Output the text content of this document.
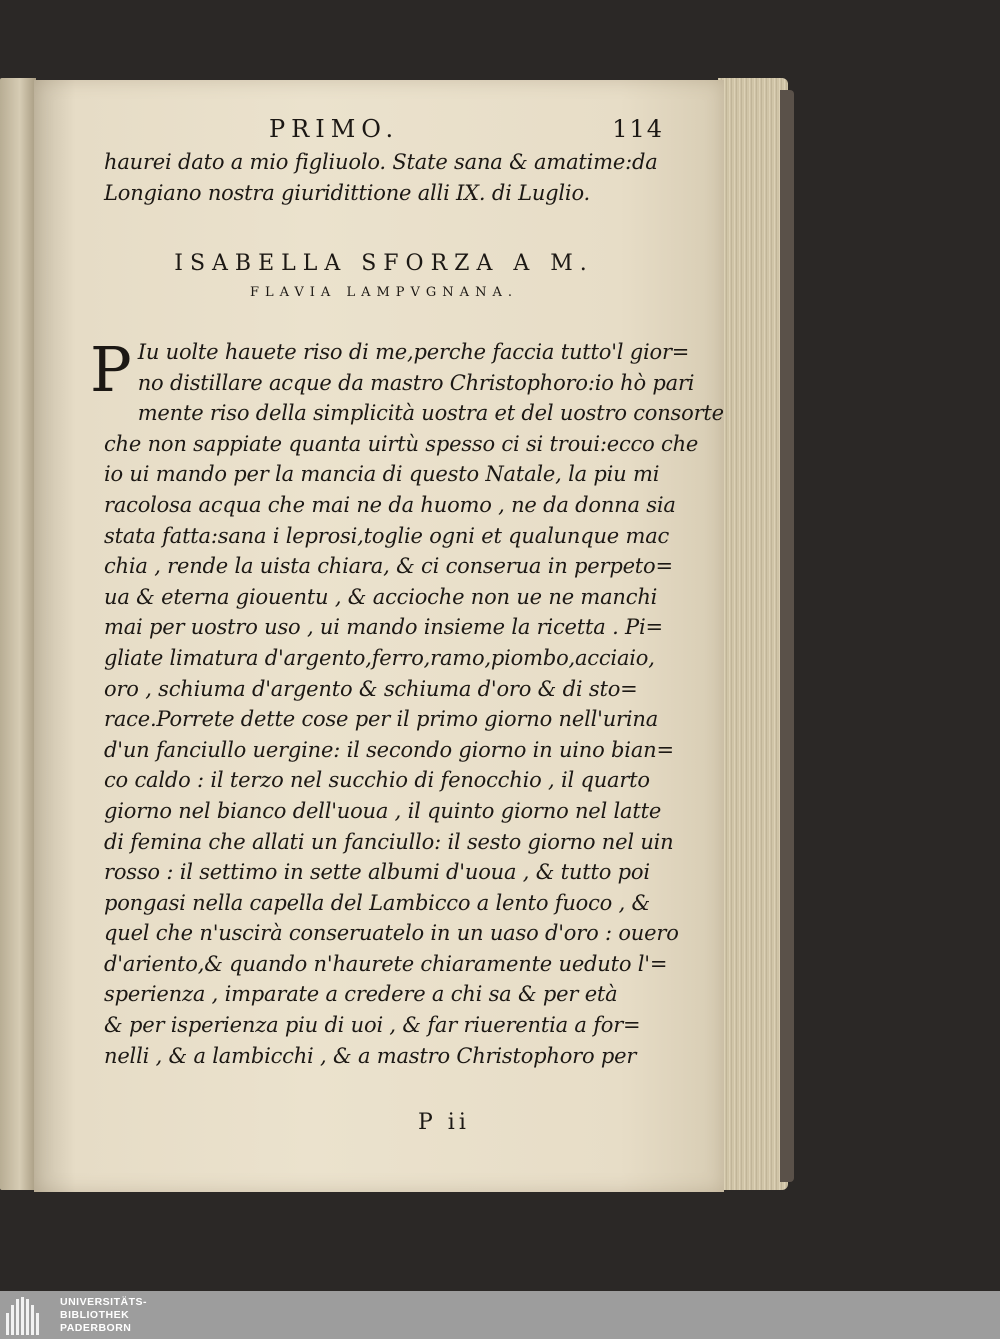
PRIMO.	114
haurei dato a mio figliuolo. State sana & amatime:da
Longiano nostra giuridittione alli IX. di Luglio.
ISABELLA SFORZA A M.
FLAVIA LAMPVGNANA.
P Iu uolte hauete riso di me,perche faccia tutto'l gior=
no distillare acque da mastro Christophoro:io hò pari
mente riso della simplicità uostra et del uostro consorte
che non sappiate quanta uirtù spesso ci si troui:ecco che
io ui mando per la mancia di questo Natale, la piu mi
racolosa acqua che mai ne da huomo , ne da donna sia
stata fatta:sana i leprosi,toglie ogni et qualunque mac
chia , rende la uista chiara, & ci conserua in perpeto=
ua & eterna giouentu , & accioche non ue ne manchi
mai per uostro uso , ui mando insieme la ricetta . Pi=
gliate limatura d'argento,ferro,ramo,piombo,acciaio,
oro , schiuma d'argento & schiuma d'oro & di sto=
race.Porrete dette cose per il primo giorno nell'urina
d'un fanciullo uergine: il secondo giorno in uino bian=
co caldo : il terzo nel succhio di fenocchio , il quarto
giorno nel bianco dell'uoua , il quinto giorno nel latte
di femina che allati un fanciullo: il sesto giorno nel uin
rosso : il settimo in sette albumi d'uoua , & tutto poi
pongasi nella capella del Lambicco a lento fuoco , &
quel che n'uscirà conseruatelo in un uaso d'oro : ouero
d'ariento,& quando n'haurete chiaramente ueduto l'=
sperienza , imparate a credere a chi sa & per età
& per isperienza piu di uoi , & far riuerentia a for=
nelli , & a lambicchi , & a mastro Christophoro per
P ii
UNIVERSITÄTS-
BIBLIOTHEK
PADERBORN
